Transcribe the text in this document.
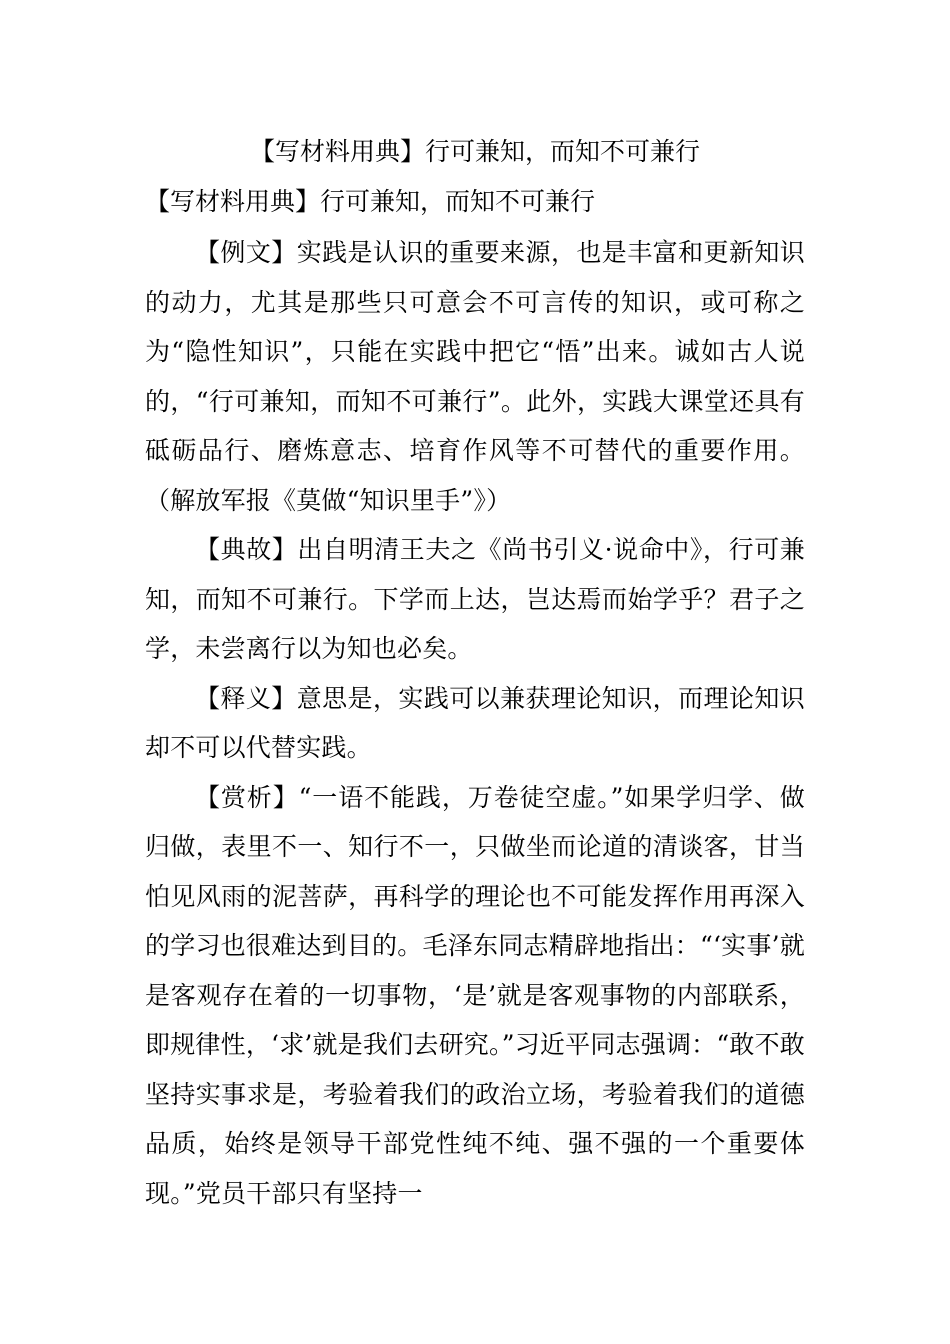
【写材料用典】行可兼知，而知不可兼行
【写材料用典】行可兼知，而知不可兼行

【例文】实践是认识的重要来源，也是丰富和更新知识的动力，尤其是那些只可意会不可言传的知识，或可称之为“隐性知识”，只能在实践中把它“悟”出来。诚如古人说的，“行可兼知，而知不可兼行”。此外，实践大课堂还具有砥砺品行、磨炼意志、培育作风等不可替代的重要作用。（解放军报《莫做“知识里手”》）

【典故】出自明清王夫之《尚书引义·说命中》，行可兼知，而知不可兼行。下学而上达，岂达焉而始学乎？君子之学，未尝离行以为知也必矣。

【释义】意思是，实践可以兼获理论知识，而理论知识却不可以代替实践。

【赏析】“一语不能践，万卷徒空虚。”如果学归学、做归做，表里不一、知行不一，只做坐而论道的清谈客，甘当怕见风雨的泥菩萨，再科学的理论也不可能发挥作用再深入的学习也很难达到目的。毛泽东同志精辟地指出：“‘实事’就是客观存在着的一切事物，‘是’就是客观事物的内部联系，即规律性，‘求’就是我们去研究。”习近平同志强调：“敢不敢坚持实事求是，考验着我们的政治立场，考验着我们的道德品质，始终是领导干部党性纯不纯、强不强的一个重要体现。”党员干部只有坚持一
